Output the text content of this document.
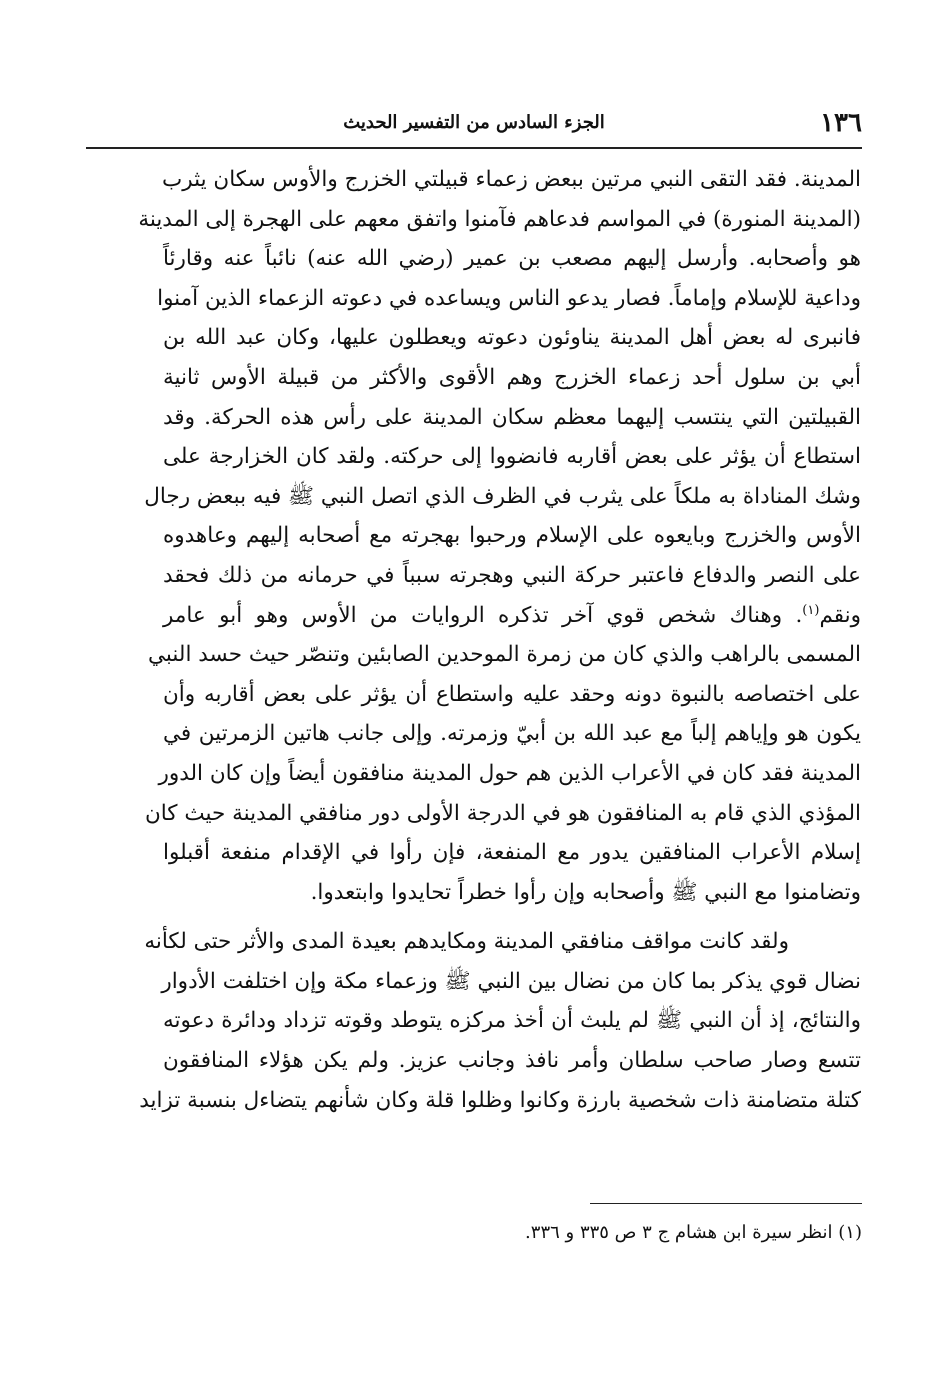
١٣٦
الجزء السادس من التفسير الحديث
المدينة. فقد التقى النبي مرتين ببعض زعماء قبيلتي الخزرج والأوس سكان يثرب
(المدينة المنورة) في المواسم فدعاهم فآمنوا واتفق معهم على الهجرة إلى المدينة
هو وأصحابه. وأرسل إليهم مصعب بن عمير (رضي الله عنه) نائباً عنه وقارئاً
وداعية للإسلام وإماماً. فصار يدعو الناس ويساعده في دعوته الزعماء الذين آمنوا
فانبرى له بعض أهل المدينة يناوئون دعوته ويعطلون عليها، وكان عبد الله بن
أبي بن سلول أحد زعماء الخزرج وهم الأقوى والأكثر من قبيلة الأوس ثانية
القبيلتين التي ينتسب إليهما معظم سكان المدينة على رأس هذه الحركة. وقد
استطاع أن يؤثر على بعض أقاربه فانضووا إلى حركته. ولقد كان الخزارجة على
وشك المناداة به ملكاً على يثرب في الظرف الذي اتصل النبي ﷺ فيه ببعض رجال
الأوس والخزرج وبايعوه على الإسلام ورحبوا بهجرته مع أصحابه إليهم وعاهدوه
على النصر والدفاع فاعتبر حركة النبي وهجرته سبباً في حرمانه من ذلك فحقد
ونقم$^{(١)}$. وهناك شخص قوي آخر تذكره الروايات من الأوس وهو أبو عامر
المسمى بالراهب والذي كان من زمرة الموحدين الصابئين وتنصّر حيث حسد النبي
على اختصاصه بالنبوة دونه وحقد عليه واستطاع أن يؤثر على بعض أقاربه وأن
يكون هو وإياهم إلباً مع عبد الله بن أبيّ وزمرته. وإلى جانب هاتين الزمرتين في
المدينة فقد كان في الأعراب الذين هم حول المدينة منافقون أيضاً وإن كان الدور
المؤذي الذي قام به المنافقون هو في الدرجة الأولى دور منافقي المدينة حيث كان
إسلام الأعراب المنافقين يدور مع المنفعة، فإن رأوا في الإقدام منفعة أقبلوا
وتضامنوا مع النبي ﷺ وأصحابه وإن رأوا خطراً تحايدوا وابتعدوا.
ولقد كانت مواقف منافقي المدينة ومكايدهم بعيدة المدى والأثر حتى لكأنه
نضال قوي يذكر بما كان من نضال بين النبي ﷺ وزعماء مكة وإن اختلفت الأدوار
والنتائج، إذ أن النبي ﷺ لم يلبث أن أخذ مركزه يتوطد وقوته تزداد ودائرة دعوته
تتسع وصار صاحب سلطان وأمر نافذ وجانب عزيز. ولم يكن هؤلاء المنافقون
كتلة متضامنة ذات شخصية بارزة وكانوا وظلوا قلة وكان شأنهم يتضاءل بنسبة تزايد
(١) انظر سيرة ابن هشام ج ٣ ص ٣٣٥ و ٣٣٦.
